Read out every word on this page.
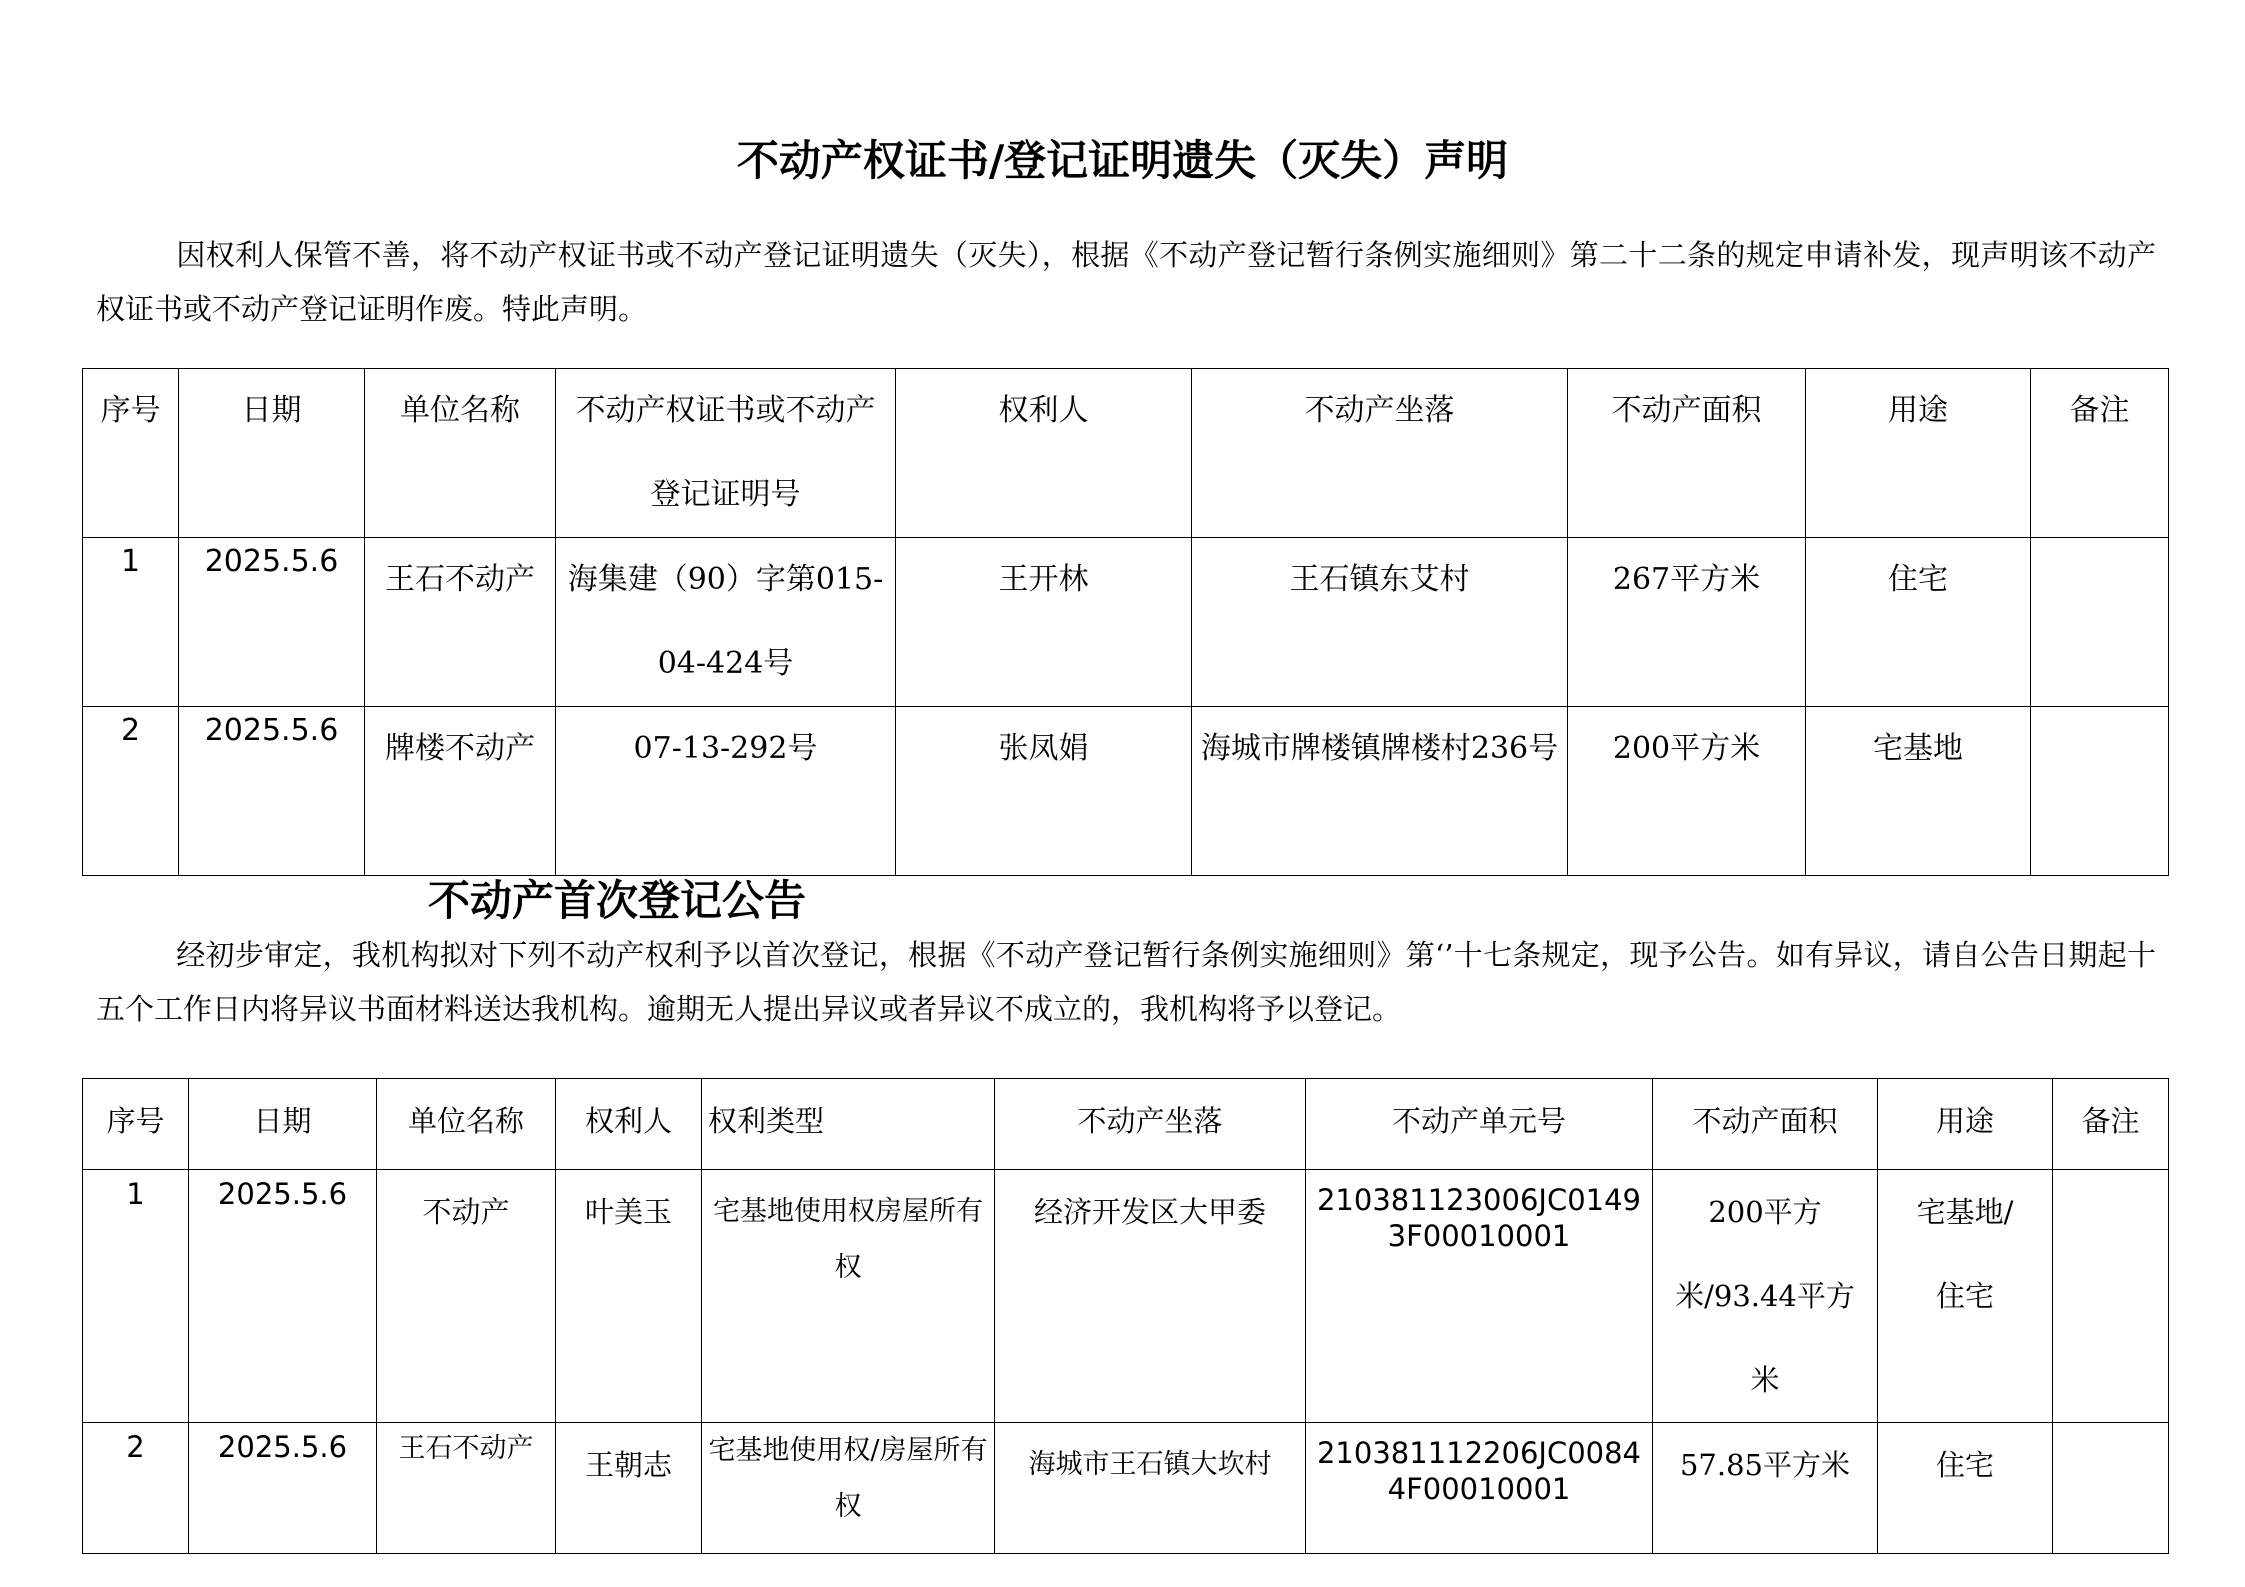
不动产权证书/登记证明遗失（灭失）声明
因权利人保管不善，将不动产权证书或不动产登记证明遗失（灭失），根据《不动产登记暂行条例实施细则》第二十二条的规定申请补发，现声明该不动产权证书或不动产登记证明作废。特此声明。
序号	日期	单位名称	不动产权证书或不动产登记证明号	权利人	不动产坐落	不动产面积	用途	备注
1	2025.5.6	王石不动产	海集建（90）字第015-04-424号	王开林	王石镇东艾村	267平方米	住宅	
2	2025.5.6	牌楼不动产	07-13-292号	张凤娟	海城市牌楼镇牌楼村236号	200平方米	宅基地	
不动产首次登记公告
经初步审定，我机构拟对下列不动产权利予以首次登记，根据《不动产登记暂行条例实施细则》第‘’十七条规定，现予公告。如有异议，请自公告日期起十五个工作日内将异议书面材料送达我机构。逾期无人提出异议或者异议不成立的，我机构将予以登记。
序号	日期	单位名称	权利人	权利类型	不动产坐落	不动产单元号	不动产面积	用途	备注
1	2025.5.6	不动产	叶美玉	宅基地使用权房屋所有权	经济开发区大甲委	210381123006JC01493F00010001	200平方米/93.44平方米	宅基地/住宅	
2	2025.5.6	王石不动产	王朝志	宅基地使用权/房屋所有权	海城市王石镇大坎村	210381112206JC00844F00010001	57.85平方米	住宅	
